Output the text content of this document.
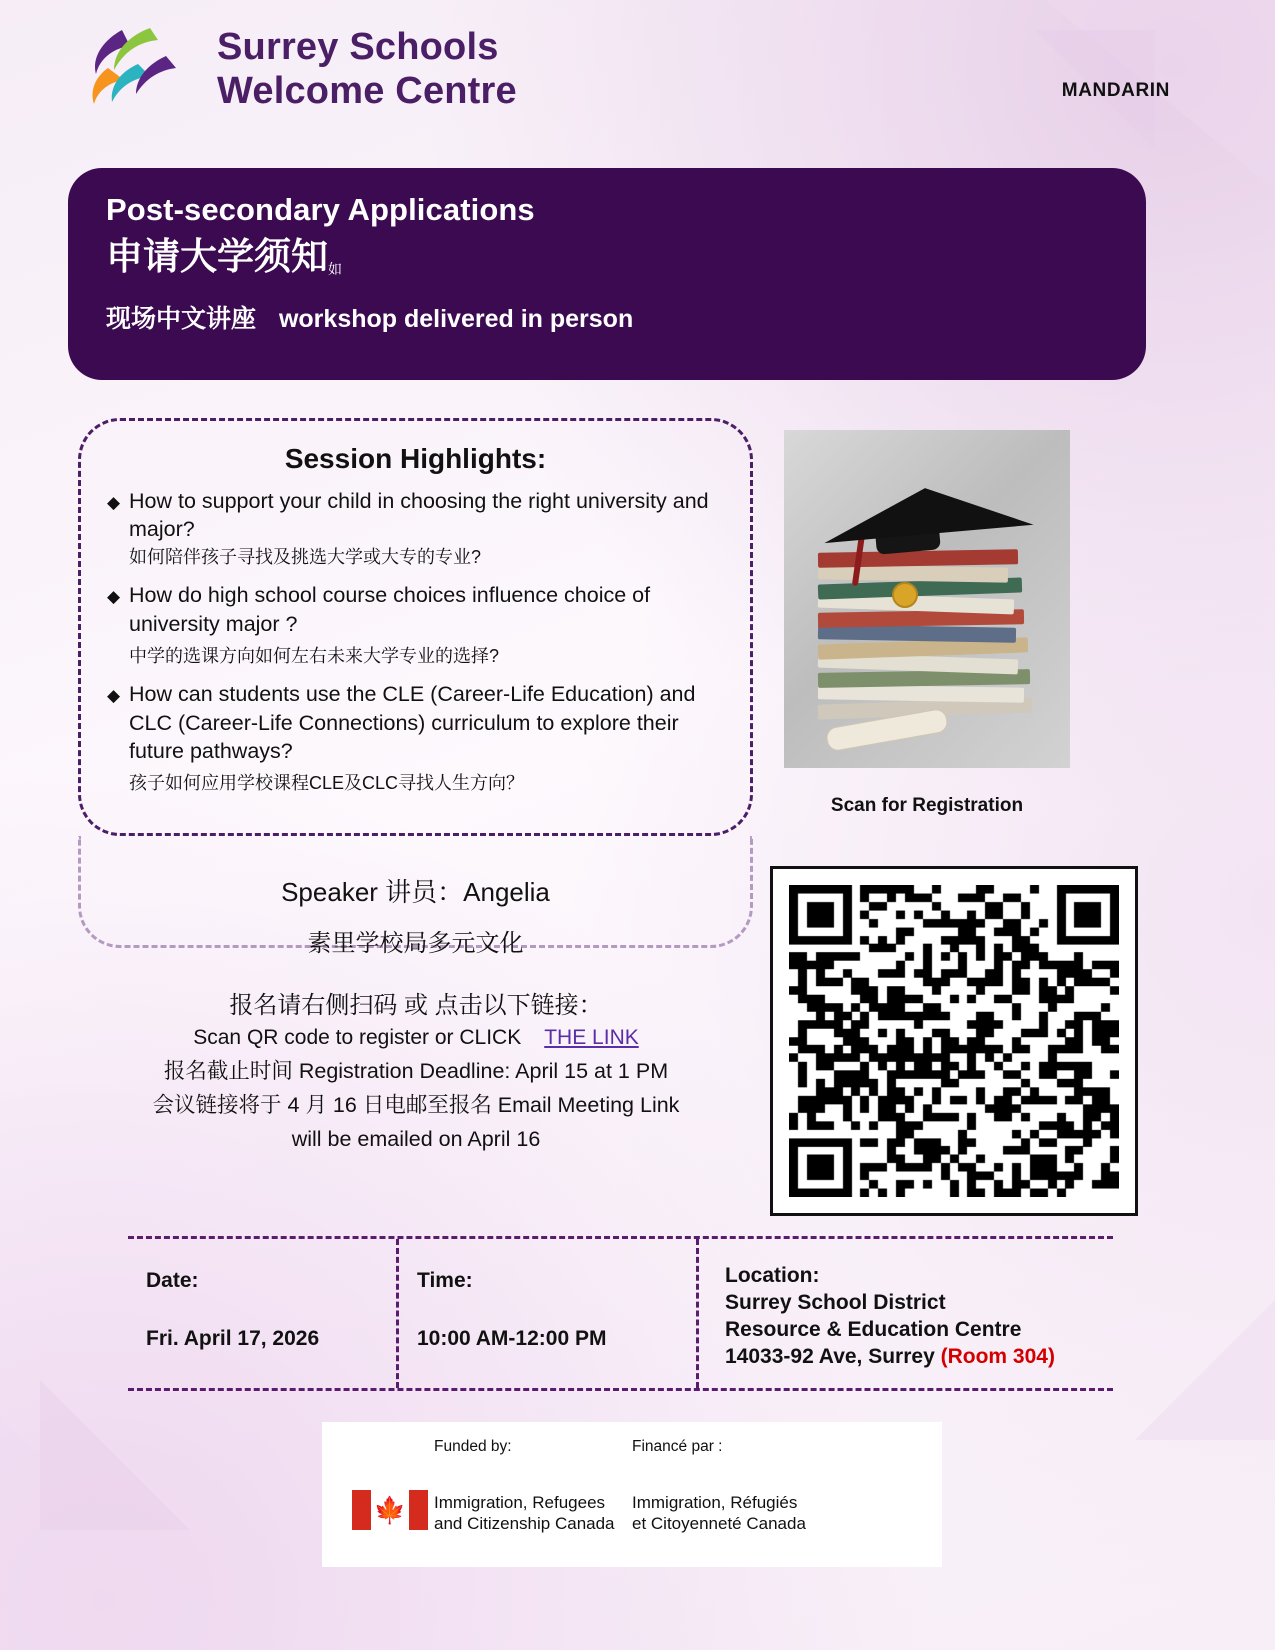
Surrey Schools
Welcome Centre	MANDARIN
Post-secondary Applications
申请大学须知如
现场中文讲座 workshop delivered in person
Session Highlights:
◆ How to support your child in choosing the right university and major?
如何陪伴孩子寻找及挑选大学或大专的专业?
◆ How do high school course choices influence choice of university major ?
中学的选课方向如何左右未来大学专业的选择?
◆ How can students use the CLE (Career-Life Education) and CLC (Career-Life Connections) curriculum to explore their future pathways?
孩子如何应用学校课程CLE及CLC寻找人生方向？
Speaker 讲员：Angelia
素里学校局多元文化
报名请右侧扫码 或 点击以下链接：
Scan QR code to register or CLICK THE LINK
报名截止时间 Registration Deadline: April 15 at 1 PM
会议链接将于 4 月 16 日电邮至报名 Email Meeting Link
will be emailed on April 16
Scan for Registration
Date:
Fri. April 17, 2026
Time:
10:00 AM-12:00 PM
Location:
Surrey School District
Resource & Education Centre
14033-92 Ave, Surrey (Room 304)
🍁
Funded by:
Immigration, Refugees
and Citizenship Canada
Financé par :
Immigration, Réfugiés
et Citoyenneté Canada
